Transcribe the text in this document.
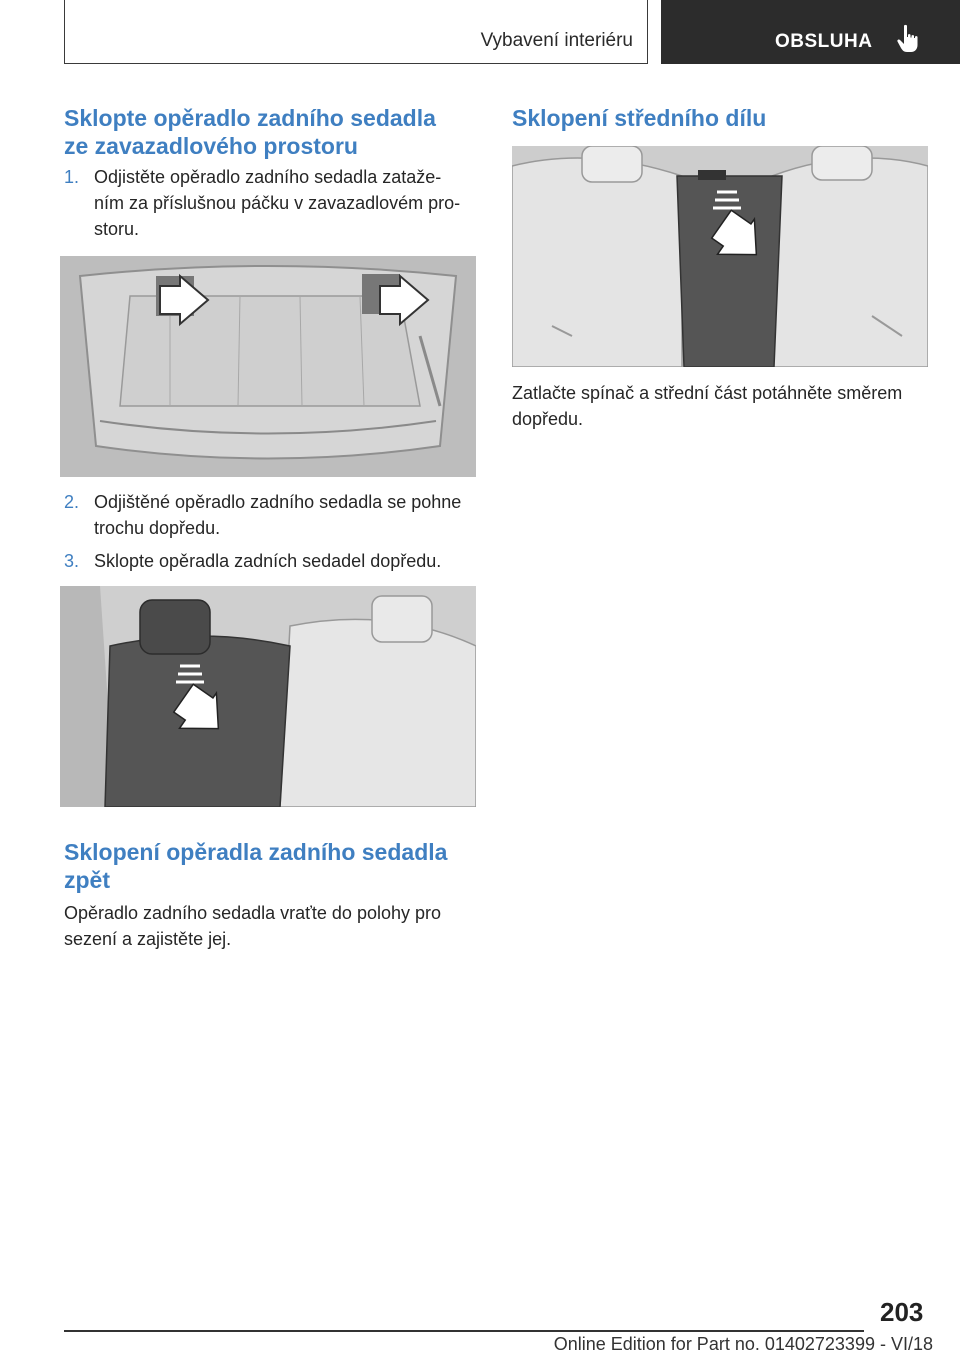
Vybavení interiéru	OBSLUHA
Sklopte opěradlo zadního sedadla
ze zavazadlového prostoru
1. Odjistěte opěradlo zadního sedadla zataže‐
ním za příslušnou páčku v zavazadlovém pro‐
storu.
2. Odjištěné opěradlo zadního sedadla se pohne
trochu dopředu.
3. Sklopte opěradla zadních sedadel dopředu.
Sklopení opěradla zadního sedadla
zpět

Opěradlo zadního sedadla vraťte do polohy pro
sezení a zajistěte jej.

Sklopení středního dílu

Zatlačte spínač a střední část potáhněte směrem
dopředu.

203
Online Edition for Part no. 01402723399 - VI/18
